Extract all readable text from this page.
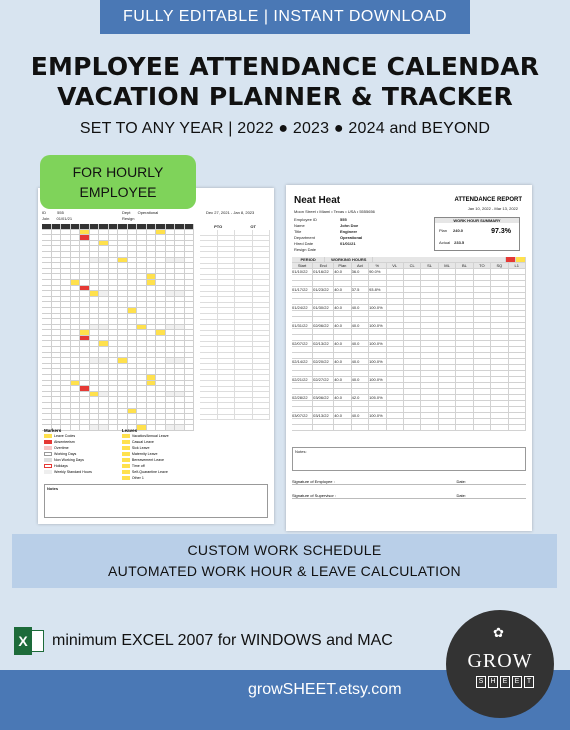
FULLY EDITABLE | INSTANT DOWNLOAD
EMPLOYEE ATTENDANCE CALENDAR
VACATION PLANNER & TRACKER
SET TO ANY YEAR | 2022 ● 2023 ● 2024 and BEYOND
ID	555
Join 01/01/21
Dept Operational
Resign
Dec 27, 2021 - Jan 8, 2023
PTO	OT
Markers
Leave Codes
Absenteeism
Overtime
Working Days
Non Working Days
Holidays
Weekly Standard Hours
Leaves
Vacation/Annual Leave
Casual Leave
Sick Leave
Maternity Leave
Bereavement Leave
Time off
Self-Quarantine Leave
Other 1
Notes
FOR HOURLY
EMPLOYEE
Neat Heat
Moon Street • Miami • Texas • USA • 5555656
ATTENDANCE REPORT
Jan 10, 2022 - Mar 13, 2022
Employee ID	555
Name	John Doe
Title	Engineer
Department	Operational
Hired Date	01/01/21
Resign Date
WORK HOUR SUMMARY
Plan 240.0
Actual 233.5
97.3%
PERIOD	WORKING HOURS
Start	End	Plan	Act	%	VL	CL	SL	ML	BL	TO	SQ	L1
01/10/22	01/16/22	40.0	36.0	90.0%
01/17/22	01/23/22	40.0	37.5	93.8%
01/24/22	01/30/22	40.0	40.0	100.0%
01/31/22	02/06/22	40.0	40.0	100.0%
02/07/22	02/13/22	40.0	40.0	100.0%
02/14/22	02/20/22	40.0	40.0	100.0%
02/21/22	02/27/22	40.0	40.0	100.0%
02/28/22	03/06/22	40.0	42.0	105.0%
03/07/22	03/13/22	40.0	40.0	100.0%
Notes:
Signature of Employee :	Date:
Signature of Supervisor :	Date:
CUSTOM WORK SCHEDULE
AUTOMATED WORK HOUR & LEAVE CALCULATION
X minimum EXCEL 2007 for WINDOWS and MAC
growSHEET.etsy.com
✿
GROW
S	H	E	E	T
